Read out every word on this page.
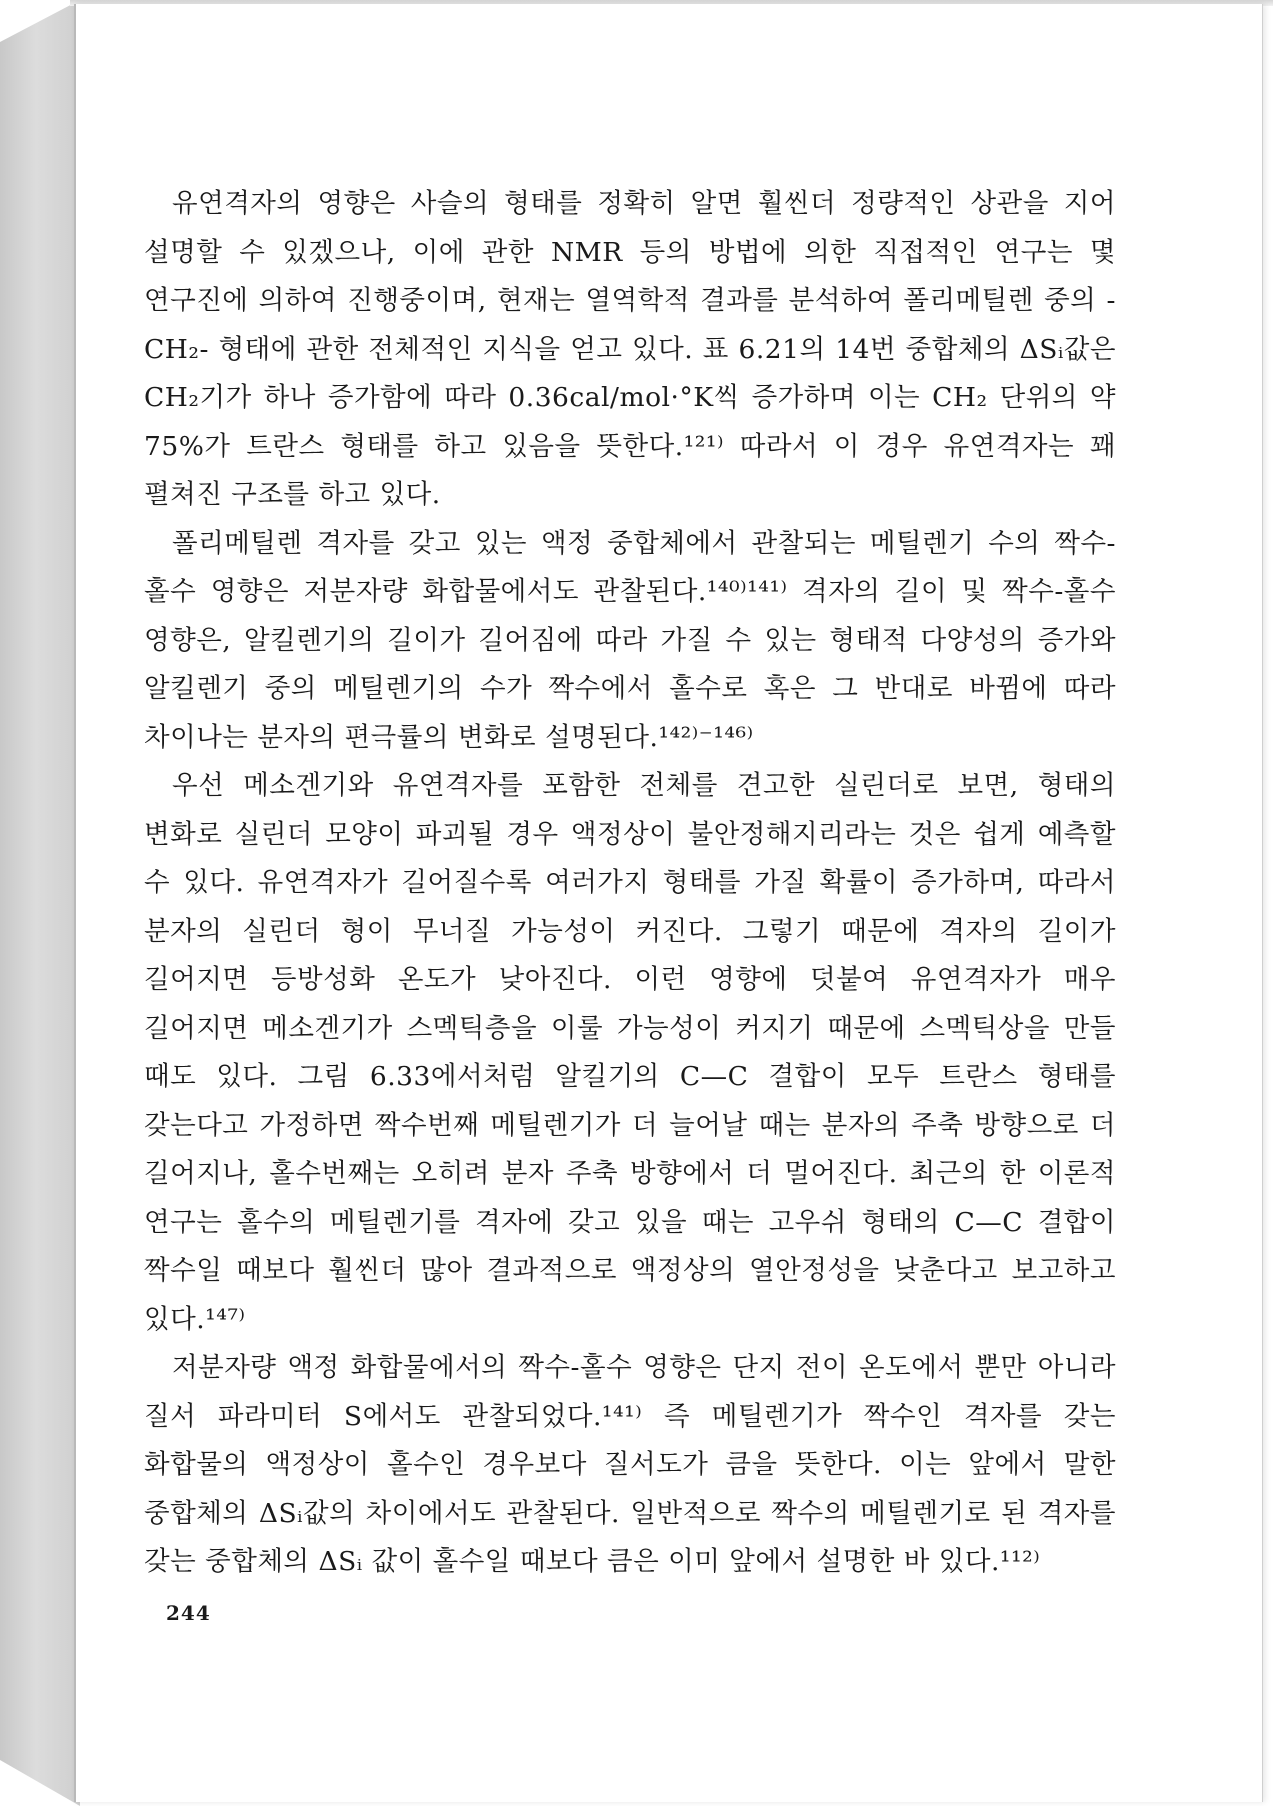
유연격자의 영향은 사슬의 형태를 정확히 알면 훨씬더 정량적인 상관을 지어 설명할 수 있겠으나, 이에 관한 NMR 등의 방법에 의한 직접적인 연구는 몇 연구진에 의하여 진행중이며, 현재는 열역학적 결과를 분석하여 폴리메틸렌 중의 -CH₂- 형태에 관한 전체적인 지식을 얻고 있다. 표 6.21의 14번 중합체의 ΔSᵢ값은 CH₂기가 하나 증가함에 따라 0.36cal/mol·°K씩 증가하며 이는 CH₂ 단위의 약 75%가 트란스 형태를 하고 있음을 뜻한다.¹²¹⁾ 따라서 이 경우 유연격자는 꽤 펼쳐진 구조를 하고 있다.

폴리메틸렌 격자를 갖고 있는 액정 중합체에서 관찰되는 메틸렌기 수의 짝수-홀수 영향은 저분자량 화합물에서도 관찰된다.¹⁴⁰⁾¹⁴¹⁾ 격자의 길이 및 짝수-홀수 영향은, 알킬렌기의 길이가 길어짐에 따라 가질 수 있는 형태적 다양성의 증가와 알킬렌기 중의 메틸렌기의 수가 짝수에서 홀수로 혹은 그 반대로 바뀜에 따라 차이나는 분자의 편극률의 변화로 설명된다.¹⁴²⁾⁻¹⁴⁶⁾

우선 메소겐기와 유연격자를 포함한 전체를 견고한 실린더로 보면, 형태의 변화로 실린더 모양이 파괴될 경우 액정상이 불안정해지리라는 것은 쉽게 예측할 수 있다. 유연격자가 길어질수록 여러가지 형태를 가질 확률이 증가하며, 따라서 분자의 실린더 형이 무너질 가능성이 커진다. 그렇기 때문에 격자의 길이가 길어지면 등방성화 온도가 낮아진다. 이런 영향에 덧붙여 유연격자가 매우 길어지면 메소겐기가 스멕틱층을 이룰 가능성이 커지기 때문에 스멕틱상을 만들 때도 있다. 그림 6.33에서처럼 알킬기의 C—C 결합이 모두 트란스 형태를 갖는다고 가정하면 짝수번째 메틸렌기가 더 늘어날 때는 분자의 주축 방향으로 더 길어지나, 홀수번째는 오히려 분자 주축 방향에서 더 멀어진다. 최근의 한 이론적 연구는 홀수의 메틸렌기를 격자에 갖고 있을 때는 고우쉬 형태의 C—C 결합이 짝수일 때보다 훨씬더 많아 결과적으로 액정상의 열안정성을 낮춘다고 보고하고 있다.¹⁴⁷⁾

저분자량 액정 화합물에서의 짝수-홀수 영향은 단지 전이 온도에서 뿐만 아니라 질서 파라미터 S에서도 관찰되었다.¹⁴¹⁾ 즉 메틸렌기가 짝수인 격자를 갖는 화합물의 액정상이 홀수인 경우보다 질서도가 큼을 뜻한다. 이는 앞에서 말한 중합체의 ΔSᵢ값의 차이에서도 관찰된다. 일반적으로 짝수의 메틸렌기로 된 격자를 갖는 중합체의 ΔSᵢ 값이 홀수일 때보다 큼은 이미 앞에서 설명한 바 있다.¹¹²⁾

244
